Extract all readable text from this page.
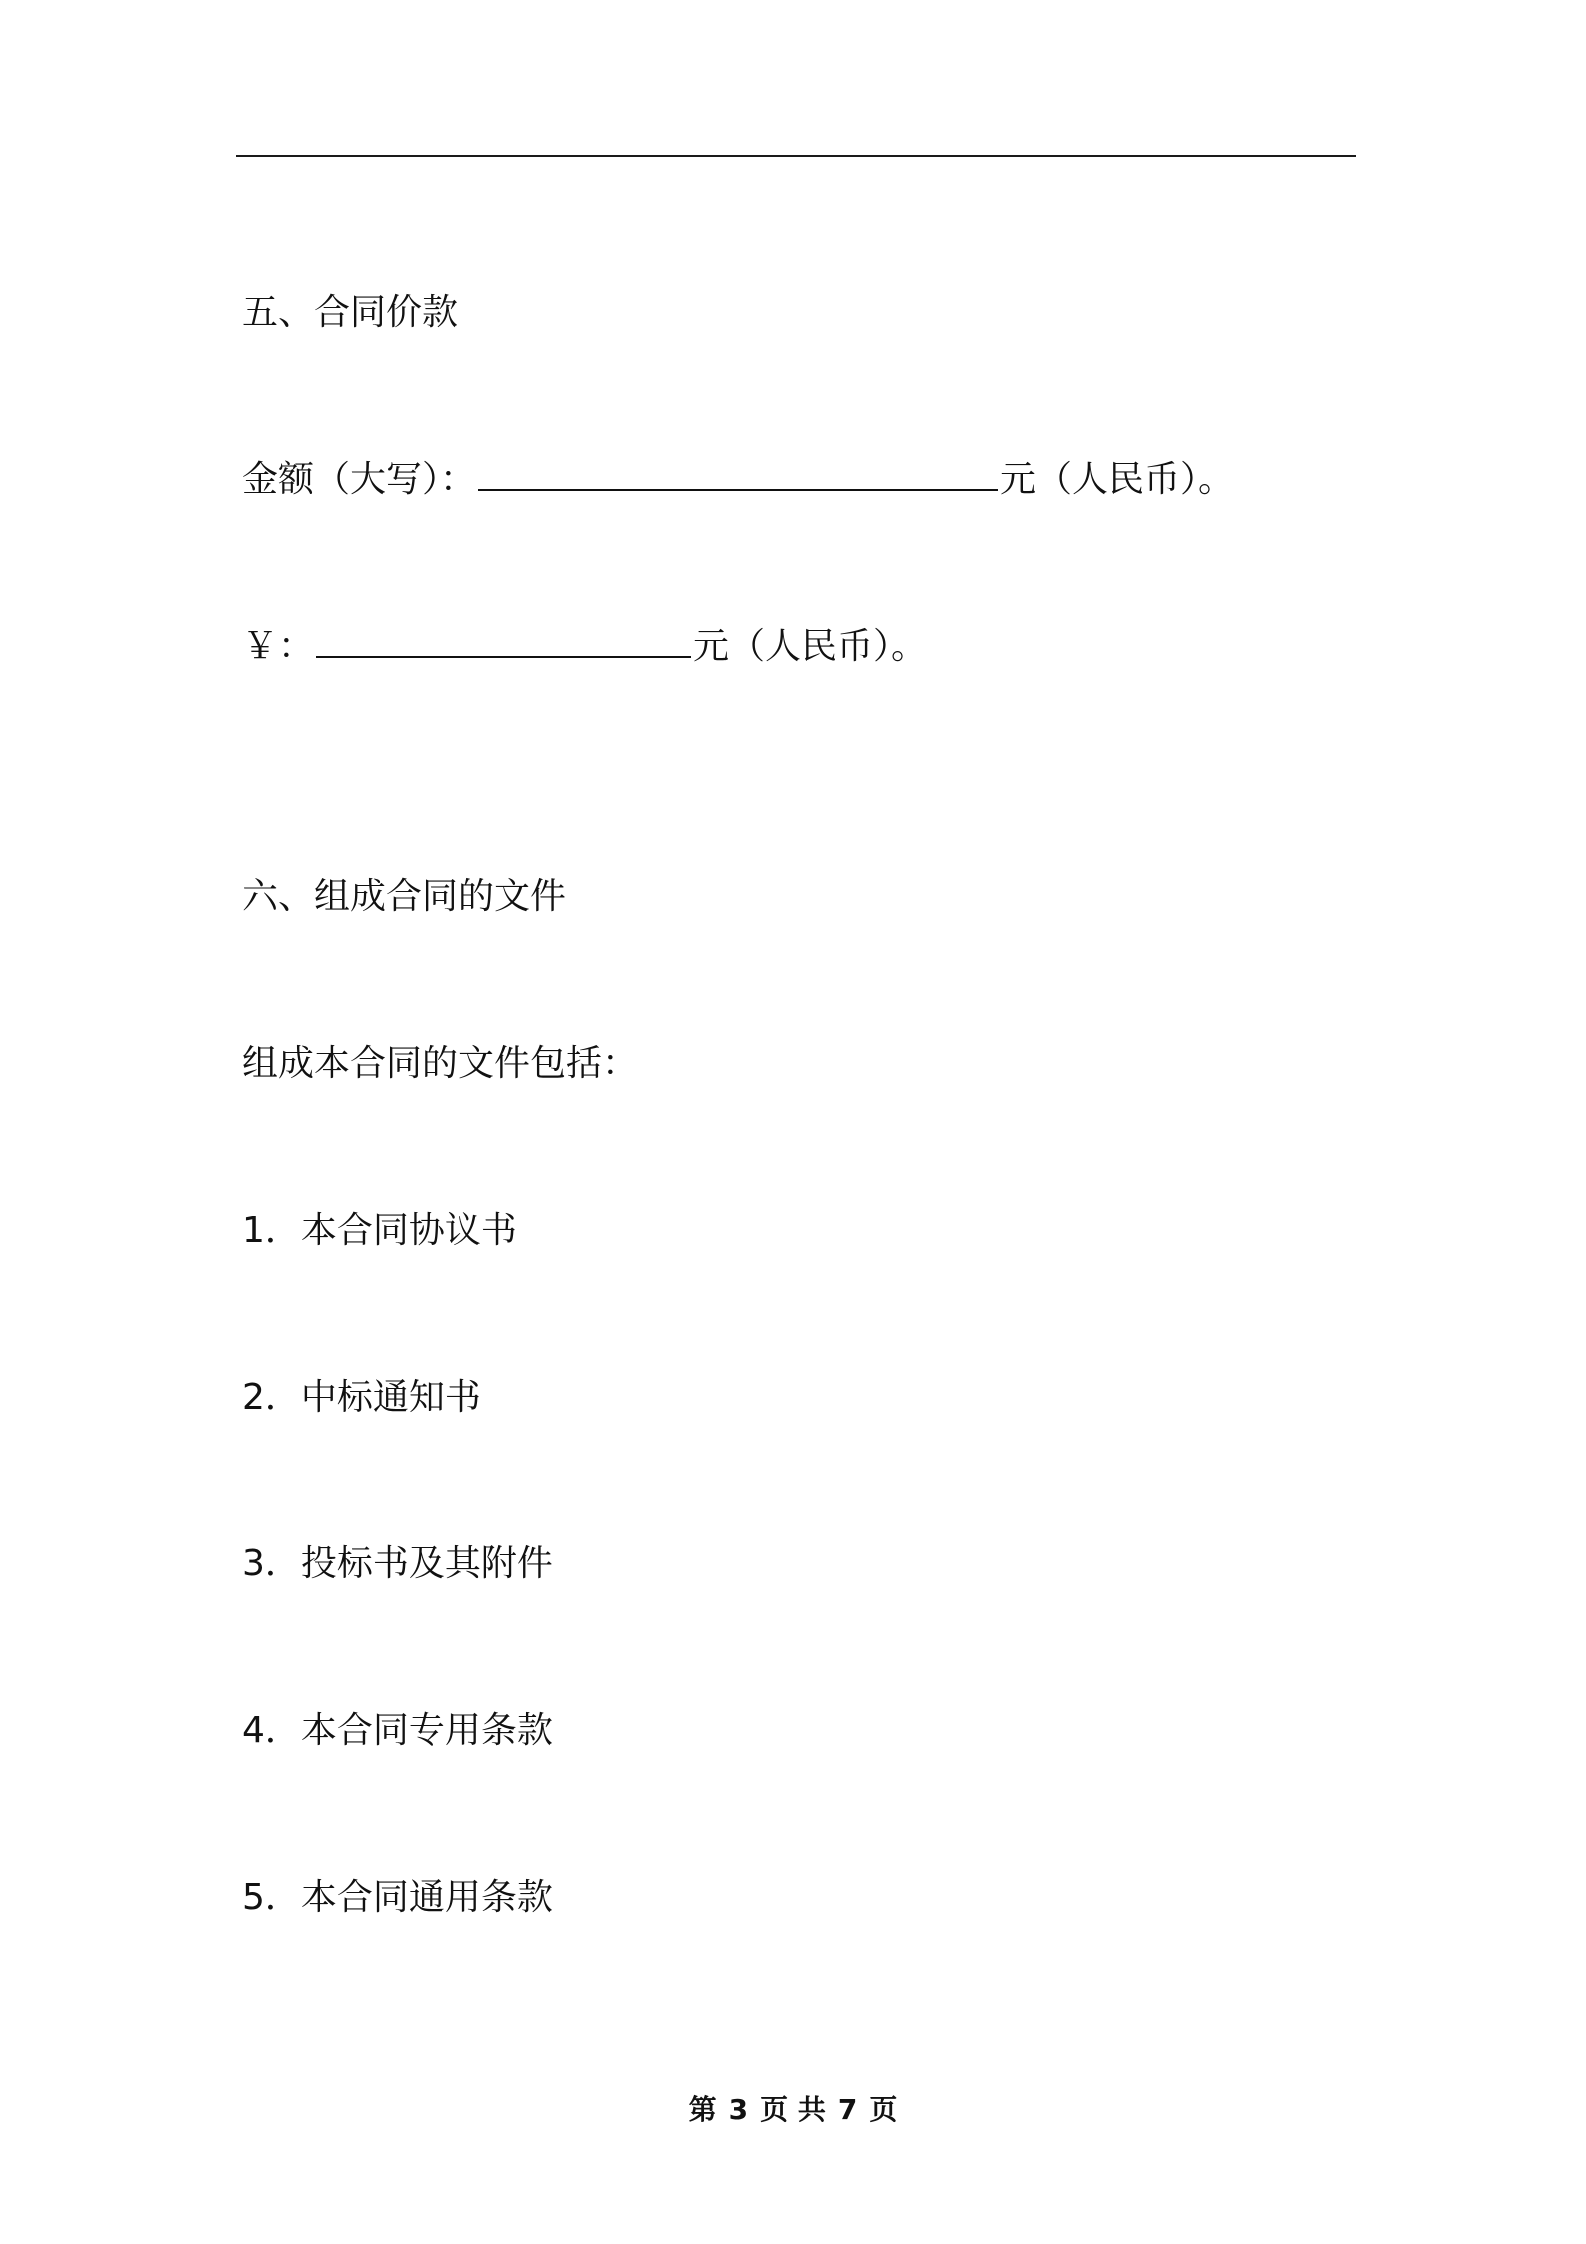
五、合同价款
金额（大写）：	元（人民币）。
￥：	元（人民币）。
六、组成合同的文件
组成本合同的文件包括：
1．本合同协议书
2．中标通知书
3．投标书及其附件
4．本合同专用条款
5．本合同通用条款
第 3 页 共 7 页
